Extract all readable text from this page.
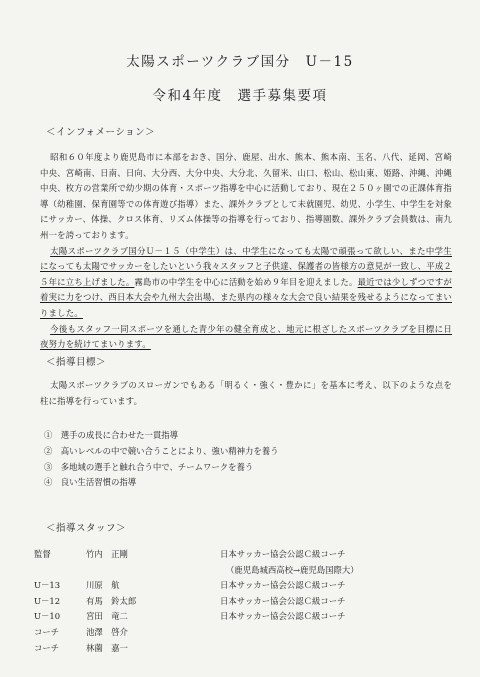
太陽スポーツクラブ国分　U－15
令和4年度　選手募集要項
＜インフォメーション＞

昭和６０年度より鹿児島市に本部をおき、国分、鹿屋、出水、熊本、熊本南、玉名、八代、延岡、宮崎中央、宮崎南、日南、日向、大分西、大分中央、大分北、久留米、山口、松山、松山東、姫路、沖縄、沖縄中央、枚方の営業所で幼少期の体育・スポーツ指導を中心に活動しており、現在２５０ヶ園での正課体育指導（幼稚園、保育園等での体育遊び指導）また、課外クラブとして未就園児、幼児、小学生、中学生を対象にサッカー、体操、クロス体育、リズム体操等の指導を行っており、指導園数、課外クラブ会員数は、南九州一を誇っております。

太陽スポーツクラブ国分Ｕ－１５（中学生）は、中学生になっても太陽で頑張って欲しい、また中学生になっても太陽でサッカーをしたいという我々スタッフと子供達、保護者の皆様方の意見が一致し、平成２５年に立ち上げました。霧島市の中学生を中心に活動を始め９年目を迎えました。最近では少しずつですが着実に力をつけ、西日本大会や九州大会出場、また県内の様々な大会で良い結果を残せるようになってまいりました。

今後もスタッフ一同スポーツを通した青少年の健全育成と、地元に根ざしたスポーツクラブを目標に日夜努力を続けてまいります。

＜指導目標＞

太陽スポーツクラブのスローガンでもある「明るく・強く・豊かに」を基本に考え、以下のような点を柱に指導を行っています。

①　選手の成長に合わせた一貫指導
②　高いレベルの中で競い合うことにより、強い精神力を養う
③　多地域の選手と触れ合う中で、チームワークを養う
④　良い生活習慣の指導
＜指導スタッフ＞
監督	竹内　正剛	日本サッカー協会公認Ｃ級コーチ
（鹿児島城西高校→鹿児島国際大）
U－13	川原　航	日本サッカー協会公認Ｃ級コーチ
U－12	有馬　鈴太郎	日本サッカー協会公認Ｃ級コーチ
U－10	宮田　竜二	日本サッカー協会公認Ｃ級コーチ
コーチ	池澤　啓介
コーチ	林薗　嘉一
